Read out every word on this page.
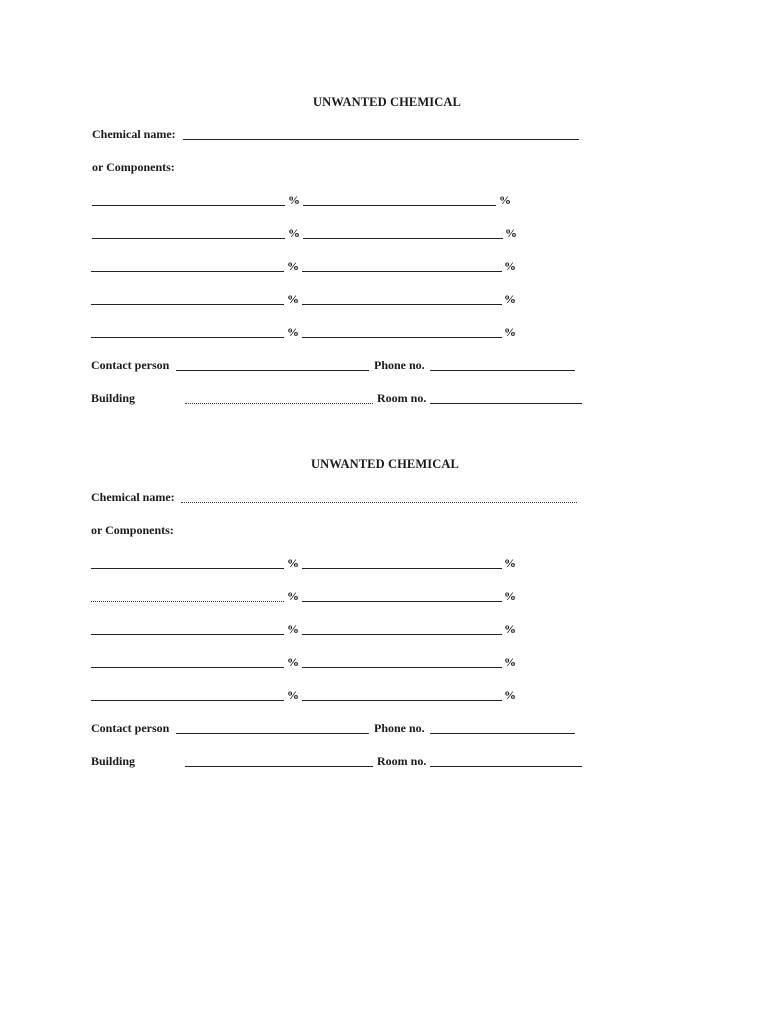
UNWANTED CHEMICAL
Chemical name:
or Components:
%	%
%	%
%	%
%	%
%	%
Contact person	Phone no.
Building	Room no.
UNWANTED CHEMICAL
Chemical name:
or Components:
%	%
%	%
%	%
%	%
%	%
Contact person	Phone no.
Building	Room no.
